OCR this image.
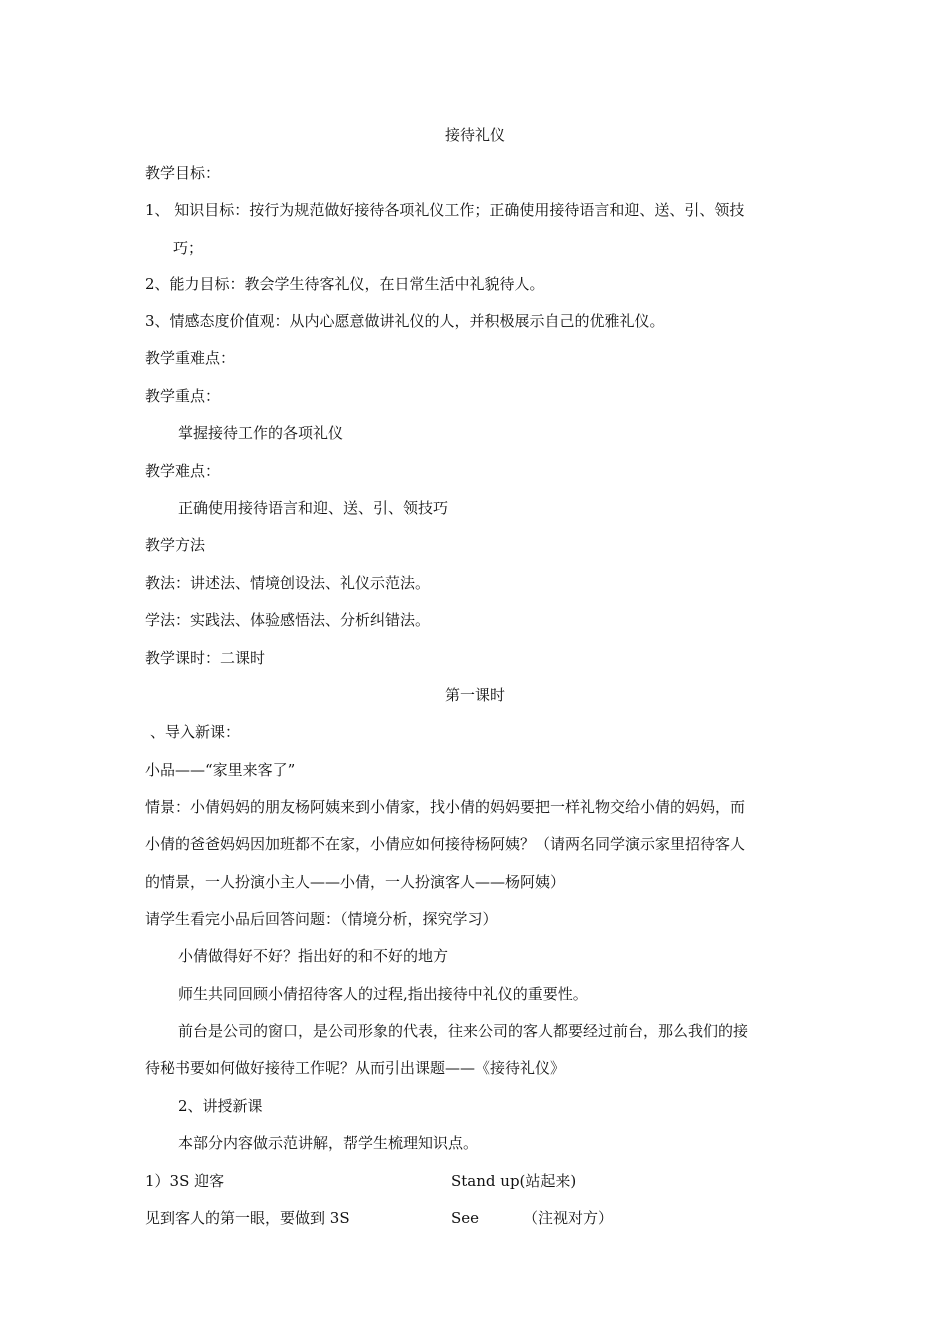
接待礼仪
教学目标：
1、 知识目标：按行为规范做好接待各项礼仪工作；正确使用接待语言和迎、送、引、领技
巧；
2、能力目标：教会学生待客礼仪，在日常生活中礼貌待人。
3、情感态度价值观：从内心愿意做讲礼仪的人，并积极展示自己的优雅礼仪。
教学重难点：
教学重点：
掌握接待工作的各项礼仪
教学难点：
正确使用接待语言和迎、送、引、领技巧
教学方法
教法：讲述法、情境创设法、礼仪示范法。
学法：实践法、体验感悟法、分析纠错法。
教学课时：二课时
第一课时
、导入新课：
小品——“家里来客了”
情景：小倩妈妈的朋友杨阿姨来到小倩家，找小倩的妈妈要把一样礼物交给小倩的妈妈，而
小倩的爸爸妈妈因加班都不在家，小倩应如何接待杨阿姨？（请两名同学演示家里招待客人
的情景，一人扮演小主人——小倩，一人扮演客人——杨阿姨）
请学生看完小品后回答问题：（情境分析，探究学习）
小倩做得好不好？指出好的和不好的地方
师生共同回顾小倩招待客人的过程,指出接待中礼仪的重要性。
前台是公司的窗口，是公司形象的代表，往来公司的客人都要经过前台，那么我们的接
待秘书要如何做好接待工作呢？从而引出课题——《接待礼仪》
2、讲授新课
本部分内容做示范讲解，帮学生梳理知识点。
1）3S 迎客	Stand up(站起来)
见到客人的第一眼，要做到 3S	See	（注视对方）
